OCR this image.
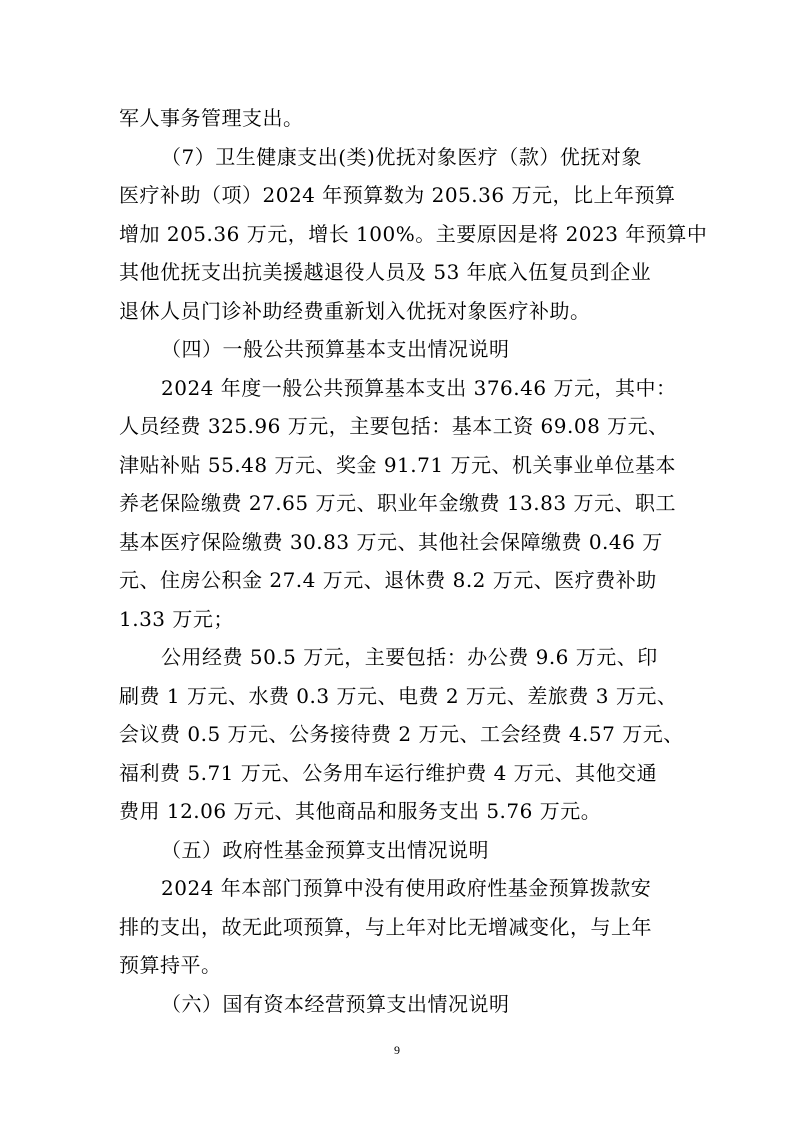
军人事务管理支出。
（7）卫生健康支出(类)优抚对象医疗（款）优抚对象
医疗补助（项）2024 年预算数为 205.36 万元，比上年预算
增加 205.36 万元，增长 100%。主要原因是将 2023 年预算中
其他优抚支出抗美援越退役人员及 53 年底入伍复员到企业
退休人员门诊补助经费重新划入优抚对象医疗补助。
（四）一般公共预算基本支出情况说明
2024 年度一般公共预算基本支出 376.46 万元，其中：
人员经费 325.96 万元，主要包括：基本工资 69.08 万元、
津贴补贴 55.48 万元、奖金 91.71 万元、机关事业单位基本
养老保险缴费 27.65 万元、职业年金缴费 13.83 万元、职工
基本医疗保险缴费 30.83 万元、其他社会保障缴费 0.46 万
元、住房公积金 27.4 万元、退休费 8.2 万元、医疗费补助
1.33 万元；
公用经费 50.5 万元，主要包括：办公费 9.6 万元、印
刷费 1 万元、水费 0.3 万元、电费 2 万元、差旅费 3 万元、
会议费 0.5 万元、公务接待费 2 万元、工会经费 4.57 万元、
福利费 5.71 万元、公务用车运行维护费 4 万元、其他交通
费用 12.06 万元、其他商品和服务支出 5.76 万元。
（五）政府性基金预算支出情况说明
2024 年本部门预算中没有使用政府性基金预算拨款安
排的支出，故无此项预算，与上年对比无增减变化，与上年
预算持平。
（六）国有资本经营预算支出情况说明
9
